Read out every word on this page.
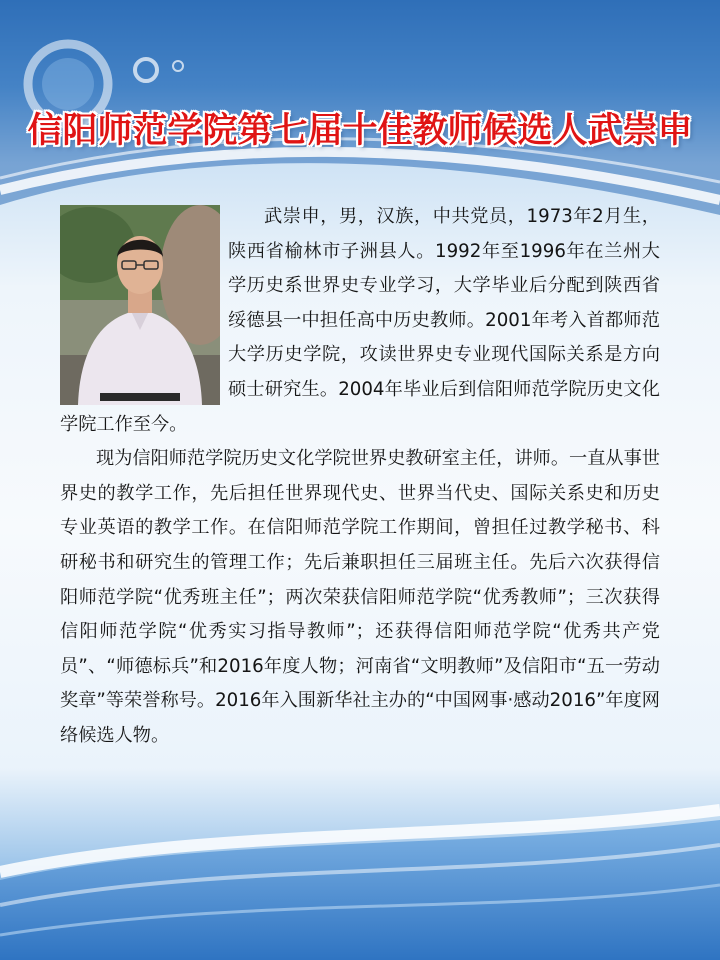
信阳师范学院第七届十佳教师候选人武崇申

武崇申，男，汉族，中共党员，1973年2月生，陕西省榆林市子洲县人。1992年至1996年在兰州大学历史系世界史专业学习，大学毕业后分配到陕西省绥德县一中担任高中历史教师。2001年考入首都师范大学历史学院，攻读世界史专业现代国际关系是方向硕士研究生。2004年毕业后到信阳师范学院历史文化学院工作至今。

现为信阳师范学院历史文化学院世界史教研室主任，讲师。一直从事世界史的教学工作，先后担任世界现代史、世界当代史、国际关系史和历史专业英语的教学工作。在信阳师范学院工作期间，曾担任过教学秘书、科研秘书和研究生的管理工作；先后兼职担任三届班主任。先后六次获得信阳师范学院“优秀班主任”；两次荣获信阳师范学院“优秀教师”；三次获得信阳师范学院“优秀实习指导教师”；还获得信阳师范学院“优秀共产党员”、“师德标兵”和2016年度人物；河南省“文明教师”及信阳市“五一劳动奖章”等荣誉称号。2016年入围新华社主办的“中国网事·感动2016”年度网络候选人物。
